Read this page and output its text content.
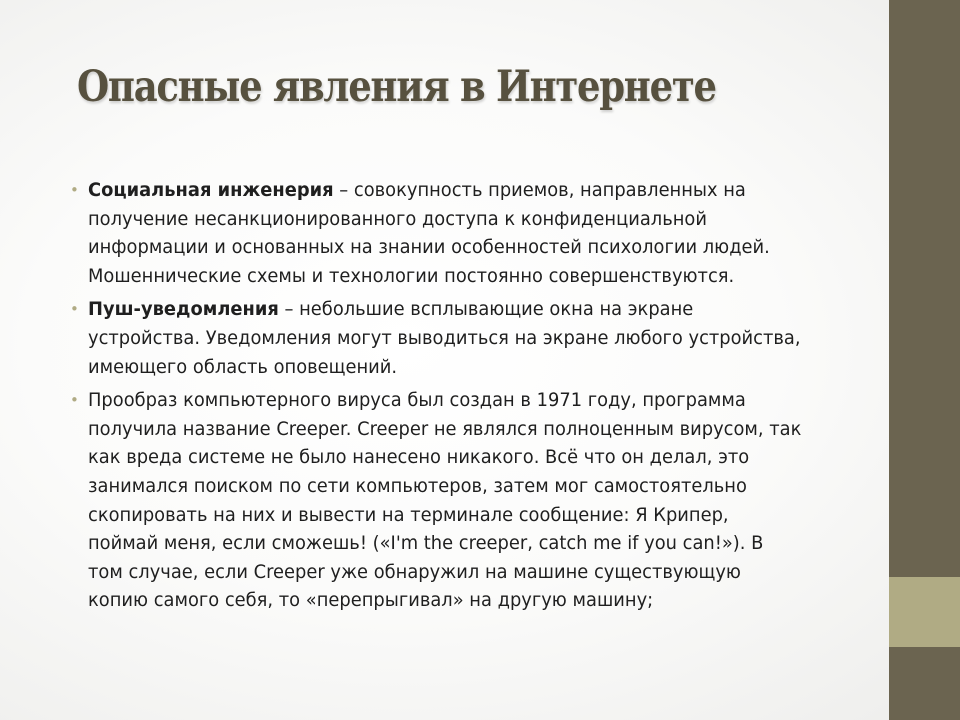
Опасные явления в Интернете
• Социальная инженерия – совокупность приемов, направленных на получение несанкционированного доступа к конфиденциальной информации и основанных на знании особенностей психологии людей. Мошеннические схемы и технологии постоянно совершенствуются.
• Пуш-уведомления – небольшие всплывающие окна на экране устройства. Уведомления могут выводиться на экране любого устройства, имеющего область оповещений.
• Прообраз компьютерного вируса был создан в 1971 году, программа получила название Creeper. Creeper не являлся полноценным вирусом, так как вреда системе не было нанесено никакого. Всё что он делал, это занимался поиском по сети компьютеров, затем мог самостоятельно скопировать на них и вывести на терминале сообщение: Я Крипер, поймай меня, если сможешь! («I'm the creeper, catch me if you can!»). В том случае, если Creeper уже обнаружил на машине существующую копию самого себя, то «перепрыгивал» на другую машину;
